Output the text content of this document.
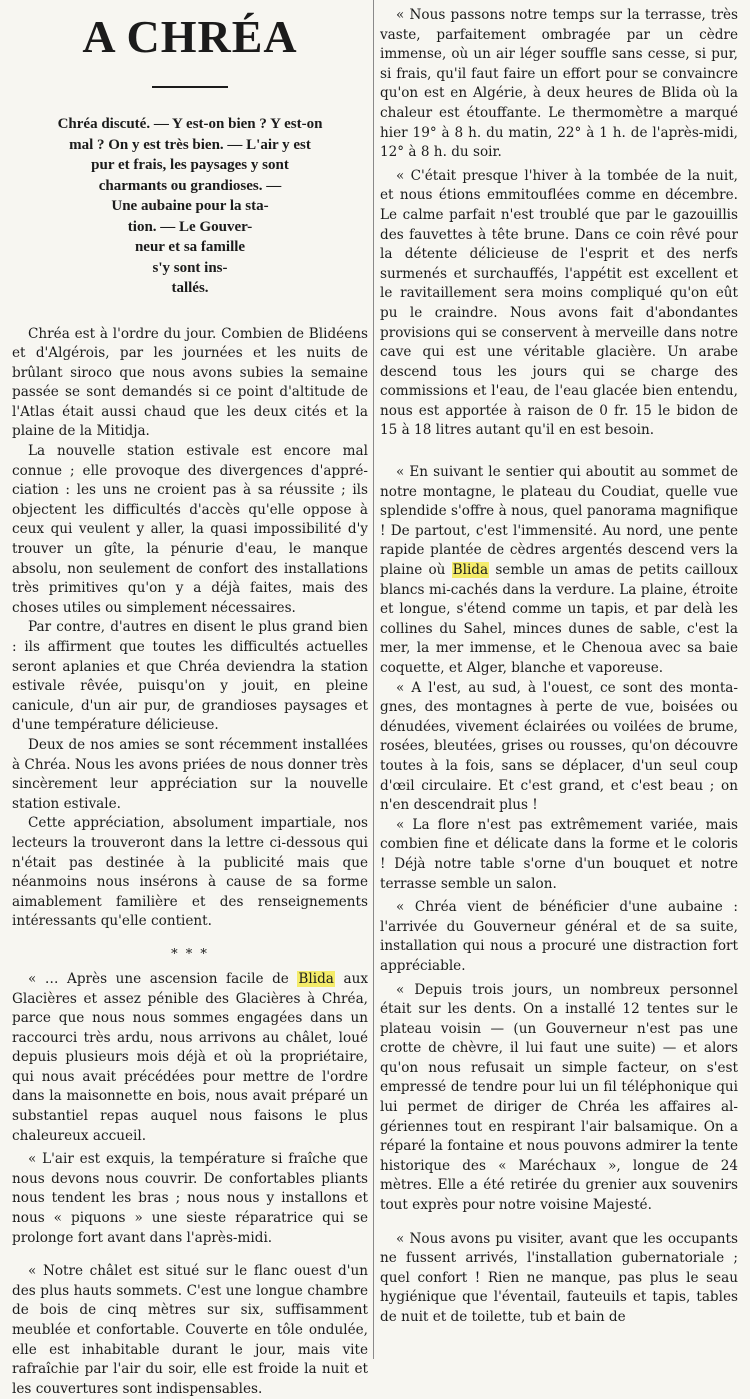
A CHRÉA
Chréa discuté. — Y est-on bien ? Y est-on
mal ? On y est très bien. — L'air y est
pur et frais, les paysages y sont
charmants ou grandioses. —
Une aubaine pour la sta-
tion. — Le Gouver-
neur et sa famille
s'y sont ins-
tallés.

Chréa est à l'ordre du jour. Combien de Blidéens et d'Algérois, par les journées et les nuits de brûlant siroco que nous avons subies la semaine passée se sont demandés si ce point d'altitude de l'Atlas était aussi chaud que les deux cités et la plaine de la Mitidja.

La nouvelle station estivale est encore mal connue ; elle provoque des divergences d'appréciation : les uns ne croient pas à sa réussite ; ils objectent les difficultés d'accès qu'elle oppose à ceux qui veulent y aller, la quasi impossibilité d'y trouver un gîte, la pénurie d'eau, le manque absolu, non seulement de confort des installations très primitives qu'on y a déjà faites, mais des choses utiles ou simplement nécessaires.

Par contre, d'autres en disent le plus grand bien : ils affirment que toutes les difficultés actuelles seront aplanies et que Chréa deviendra la station estivale rêvée, puisqu'on y jouit, en pleine canicule, d'un air pur, de grandioses paysages et d'une température délicieuse.

Deux de nos amies se sont récemment installées à Chréa. Nous les avons priées de nous donner très sincèrement leur appréciation sur la nouvelle station estivale.

Cette appréciation, absolument impartiale, nos lecteurs la trouveront dans la lettre ci-dessous qui n'était pas destinée à la publicité mais que néanmoins nous insérons à cause de sa forme aimablement familière et des renseignements intéressants qu'elle contient.

* * *

« … Après une ascension facile de Blida aux Glacières et assez pénible des Glacières à Chréa, parce que nous nous sommes engagées dans un raccourci très ardu, nous arrivons au châlet, loué depuis plusieurs mois déjà et où la propriétaire, qui nous avait précédées pour mettre de l'ordre dans la maisonnette en bois, nous avait préparé un substantiel repas auquel nous faisons le plus chaleureux accueil.

« L'air est exquis, la température si fraîche que nous devons nous couvrir. De confortables pliants nous tendent les bras ; nous nous y installons et nous « piquons » une sieste réparatrice qui se prolonge fort avant dans l'après-midi.

« Notre châlet est situé sur le flanc ouest d'un des plus hauts sommets. C'est une longue chambre de bois de cinq mètres sur six, suffisamment meublée et confortable. Couverte en tôle ondulée, elle est inhabitable durant le jour, mais vite rafraîchie par l'air du soir, elle est froide la nuit et les couvertures sont indispensables.

« Nous passons notre temps sur la terrasse, très vaste, parfaitement ombragée par un cèdre immense, où un air léger souffle sans cesse, si pur, si frais, qu'il faut faire un effort pour se convaincre qu'on est en Algérie, à deux heures de Blida où la chaleur est étouffante. Le thermomètre a marqué hier 19° à 8 h. du matin, 22° à 1 h. de l'après-midi, 12° à 8 h. du soir.

« C'était presque l'hiver à la tombée de la nuit, et nous étions emmitouflées comme en décembre. Le calme parfait n'est troublé que par le gazouillis des fauvettes à tête brune. Dans ce coin rêvé pour la détente délicieuse de l'esprit et des nerfs surmenés et surchauffés, l'appétit est excellent et le ravitaillement sera moins compliqué qu'on eût pu le craindre. Nous avons fait d'abondantes provisions qui se conservent à merveille dans notre cave qui est une véritable glacière. Un arabe descend tous les jours qui se charge des commissions et l'eau, de l'eau glacée bien entendu, nous est apportée à raison de 0 fr. 15 le bidon de 15 à 18 litres autant qu'il en est besoin.

« En suivant le sentier qui aboutit au sommet de notre montagne, le plateau du Coudiat, quelle vue splendide s'offre à nous, quel panorama magnifique ! De partout, c'est l'immensité. Au nord, une pente rapide plantée de cèdres argentés descend vers la plaine où Blida semble un amas de petits cailloux blancs mi-cachés dans la verdure. La plaine, étroite et longue, s'étend comme un tapis, et par delà les collines du Sahel, minces dunes de sable, c'est la mer, la mer immense, et le Chenoua avec sa baie coquette, et Alger, blanche et vaporeuse.

« A l'est, au sud, à l'ouest, ce sont des montagnes, des montagnes à perte de vue, boisées ou dénudées, vivement éclairées ou voilées de brume, rosées, bleutées, grises ou rousses, qu'on découvre toutes à la fois, sans se déplacer, d'un seul coup d'œil circulaire. Et c'est grand, et c'est beau ; on n'en descendrait plus !

« La flore n'est pas extrêmement variée, mais combien fine et délicate dans la forme et le coloris ! Déjà notre table s'orne d'un bouquet et notre terrasse semble un salon.

« Chréa vient de bénéficier d'une aubaine : l'arrivée du Gouverneur général et de sa suite, installation qui nous a procuré une distraction fort appréciable.

« Depuis trois jours, un nombreux personnel était sur les dents. On a installé 12 tentes sur le plateau voisin — (un Gouverneur n'est pas une crotte de chèvre, il lui faut une suite) — et alors qu'on nous refusait un simple facteur, on s'est empressé de tendre pour lui un fil téléphonique qui lui permet de diriger de Chréa les affaires algériennes tout en respirant l'air balsamique. On a réparé la fontaine et nous pouvons admirer la tente historique des « Maréchaux », longue de 24 mètres. Elle a été retirée du grenier aux souvenirs tout exprès pour notre voisine Majesté.

« Nous avons pu visiter, avant que les occupants ne fussent arrivés, l'installation gubernatoriale ; quel confort ! Rien ne manque, pas plus le seau hygiénique que l'éventail, fauteuils et tapis, tables de nuit et de toilette, tub et bain de
